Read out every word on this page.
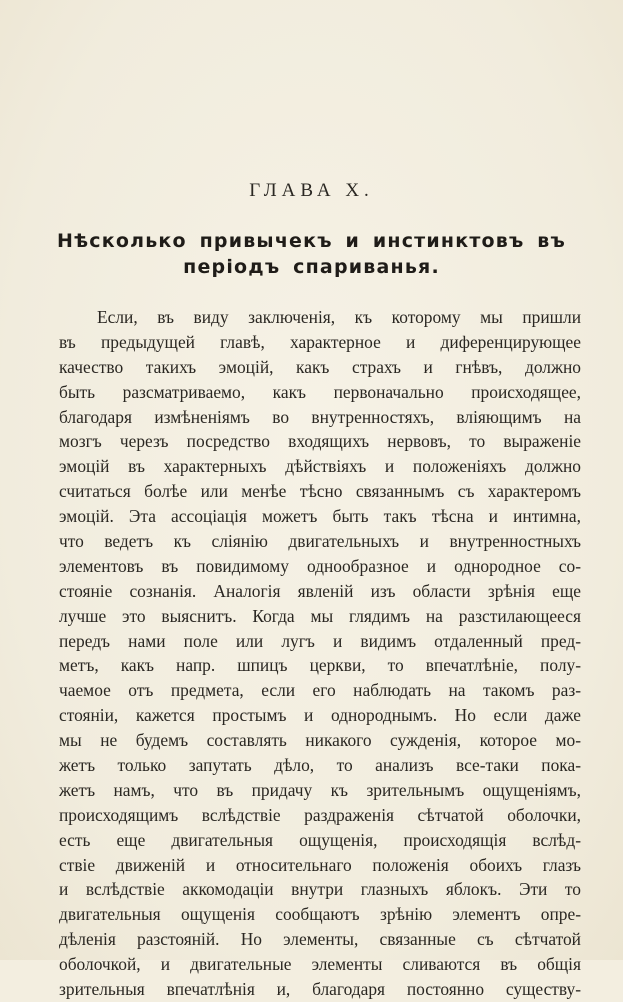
ГЛАВА X.
Нѣсколько привычекъ и инстинктовъ въ
періодъ спариванья.
Если, въ виду заключенія, къ которому мы пришли
въ предыдущей главѣ, характерное и диференцирующее
качество такихъ эмоцій, какъ страхъ и гнѣвъ, должно
быть разсматриваемо, какъ первоначально происходящее,
благодаря измѣненіямъ во внутренностяхъ, вліяющимъ на
мозгъ черезъ посредство входящихъ нервовъ, то выраженіе
эмоцій въ характерныхъ дѣйствіяхъ и положеніяхъ должно
считаться болѣе или менѣе тѣсно связаннымъ съ характеромъ
эмоцій. Эта ассоціація можетъ быть такъ тѣсна и интимна,
что ведетъ къ слiянію двигательныхъ и внутренностныхъ
элементовъ въ повидимому однообразное и однородное со-
стояніе сознанія. Аналогія явленій изъ области зрѣнія еще
лучше это выяснитъ. Когда мы глядимъ на разстилающееся
передъ нами поле или лугъ и видимъ отдаленный пред-
метъ, какъ напр. шпицъ церкви, то впечатлѣніе, полу-
чаемое отъ предмета, если его наблюдать на такомъ раз-
стояніи, кажется простымъ и однороднымъ. Но если даже
мы не будемъ составлять никакого сужденія, которое мо-
жетъ только запутать дѣло, то анализъ все-таки пока-
жетъ намъ, что въ придачу къ зрительнымъ ощущеніямъ,
происходящимъ вслѣдствіе раздраженія сѣтчатой оболочки,
есть еще двигательныя ощущенія, происходящія вслѣд-
ствіе движеній и относительнаго положенія обоихъ глазъ
и вслѣдствіе аккомодаціи внутри глазныхъ яблокъ. Эти то
двигательныя ощущенія сообщаютъ зрѣнію элементъ опре-
дѣленія разстояній. Но элементы, связанные съ сѣтчатой
оболочкой, и двигательные элементы сливаются въ общія
зрительныя впечатлѣнія и, благодаря постоянно существу-
